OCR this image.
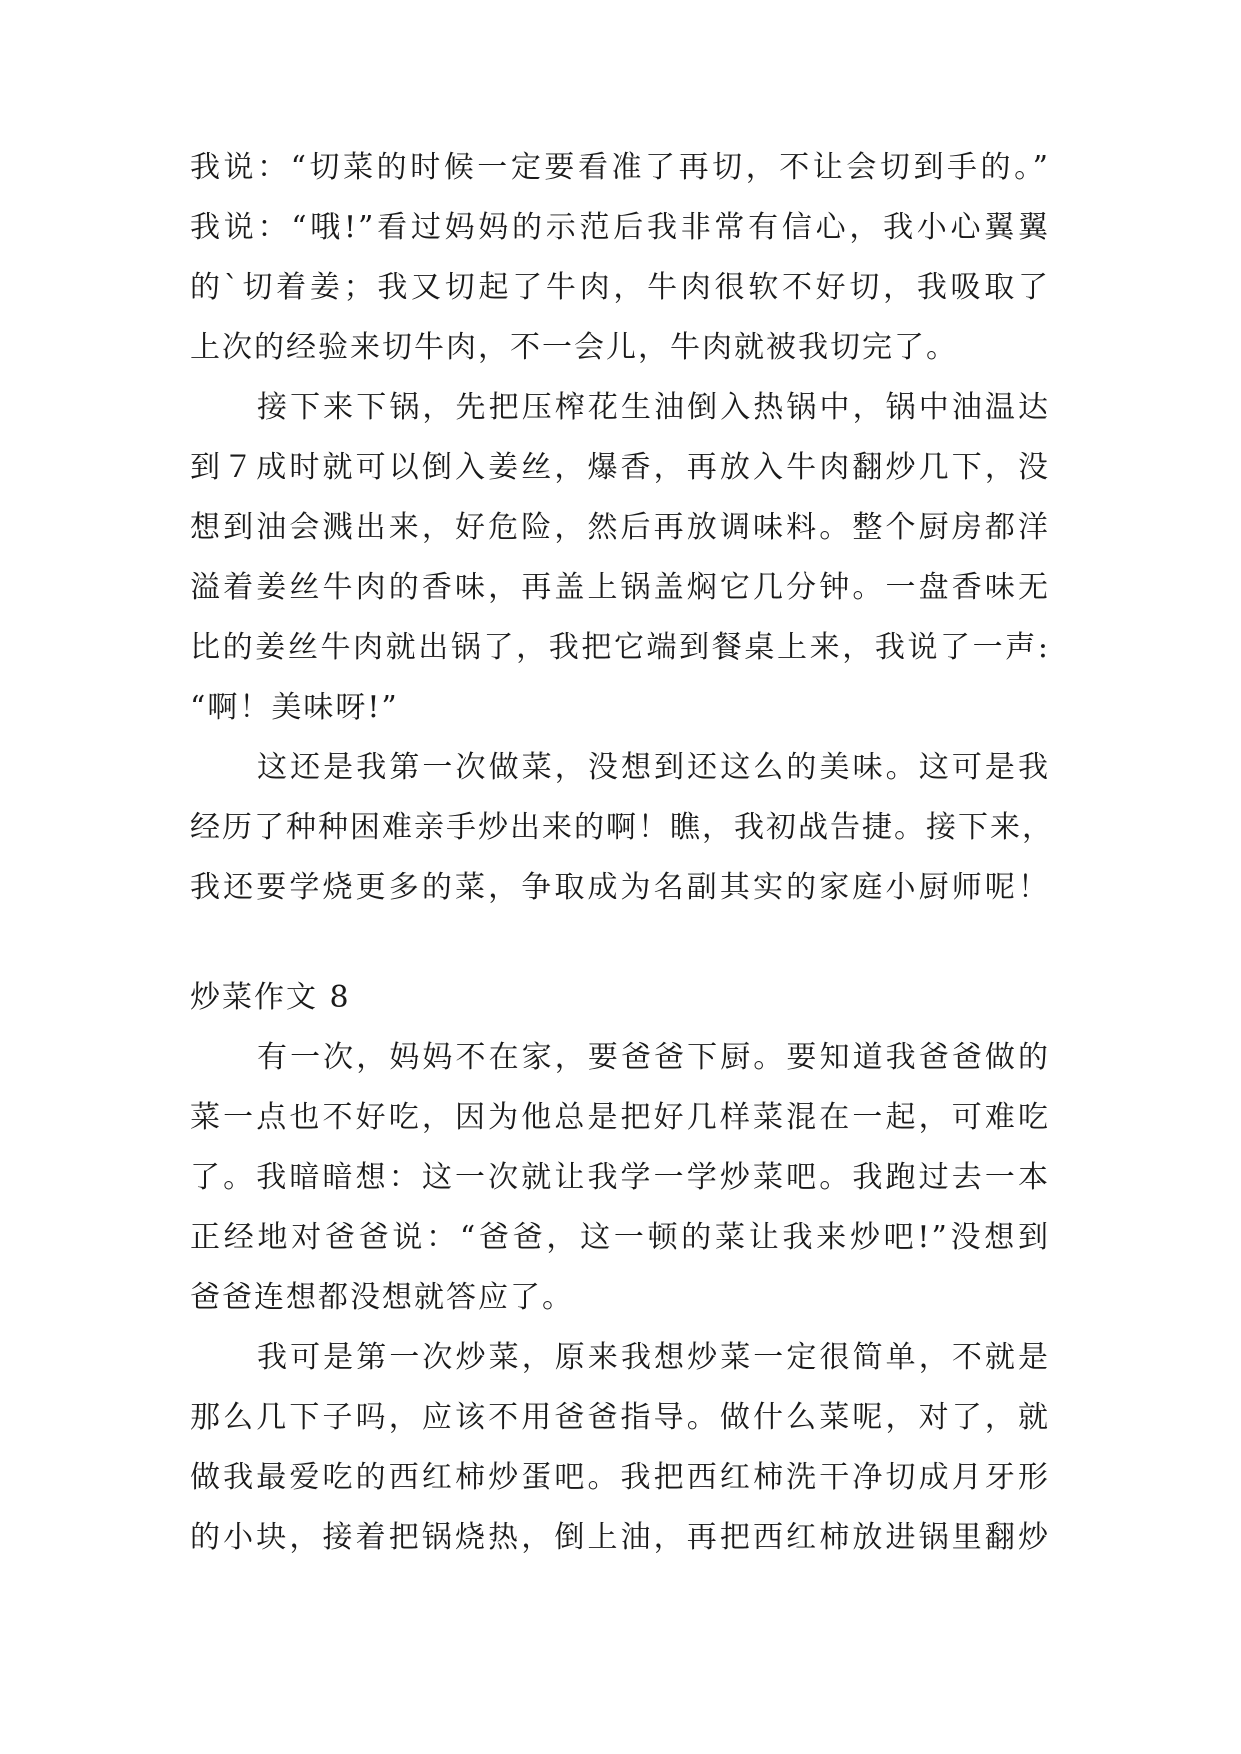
我说：“切菜的时候一定要看准了再切，不让会切到手的。”
我说：“哦!”看过妈妈的示范后我非常有信心，我小心翼翼
的`切着姜；我又切起了牛肉，牛肉很软不好切，我吸取了
上次的经验来切牛肉，不一会儿，牛肉就被我切完了。
接下来下锅，先把压榨花生油倒入热锅中，锅中油温达
到７成时就可以倒入姜丝，爆香，再放入牛肉翻炒几下，没
想到油会溅出来，好危险，然后再放调味料。整个厨房都洋
溢着姜丝牛肉的香味，再盖上锅盖焖它几分钟。一盘香味无
比的姜丝牛肉就出锅了，我把它端到餐桌上来，我说了一声:
“啊！美味呀!”
这还是我第一次做菜，没想到还这么的美味。这可是我
经历了种种困难亲手炒出来的啊！瞧，我初战告捷。接下来，
我还要学烧更多的菜，争取成为名副其实的家庭小厨师呢！
炒菜作文 8
有一次，妈妈不在家，要爸爸下厨。要知道我爸爸做的
菜一点也不好吃，因为他总是把好几样菜混在一起，可难吃
了。我暗暗想：这一次就让我学一学炒菜吧。我跑过去一本
正经地对爸爸说：“爸爸，这一顿的菜让我来炒吧!”没想到
爸爸连想都没想就答应了。
我可是第一次炒菜，原来我想炒菜一定很简单，不就是
那么几下子吗，应该不用爸爸指导。做什么菜呢，对了，就
做我最爱吃的西红柿炒蛋吧。我把西红柿洗干净切成月牙形
的小块，接着把锅烧热，倒上油，再把西红柿放进锅里翻炒
